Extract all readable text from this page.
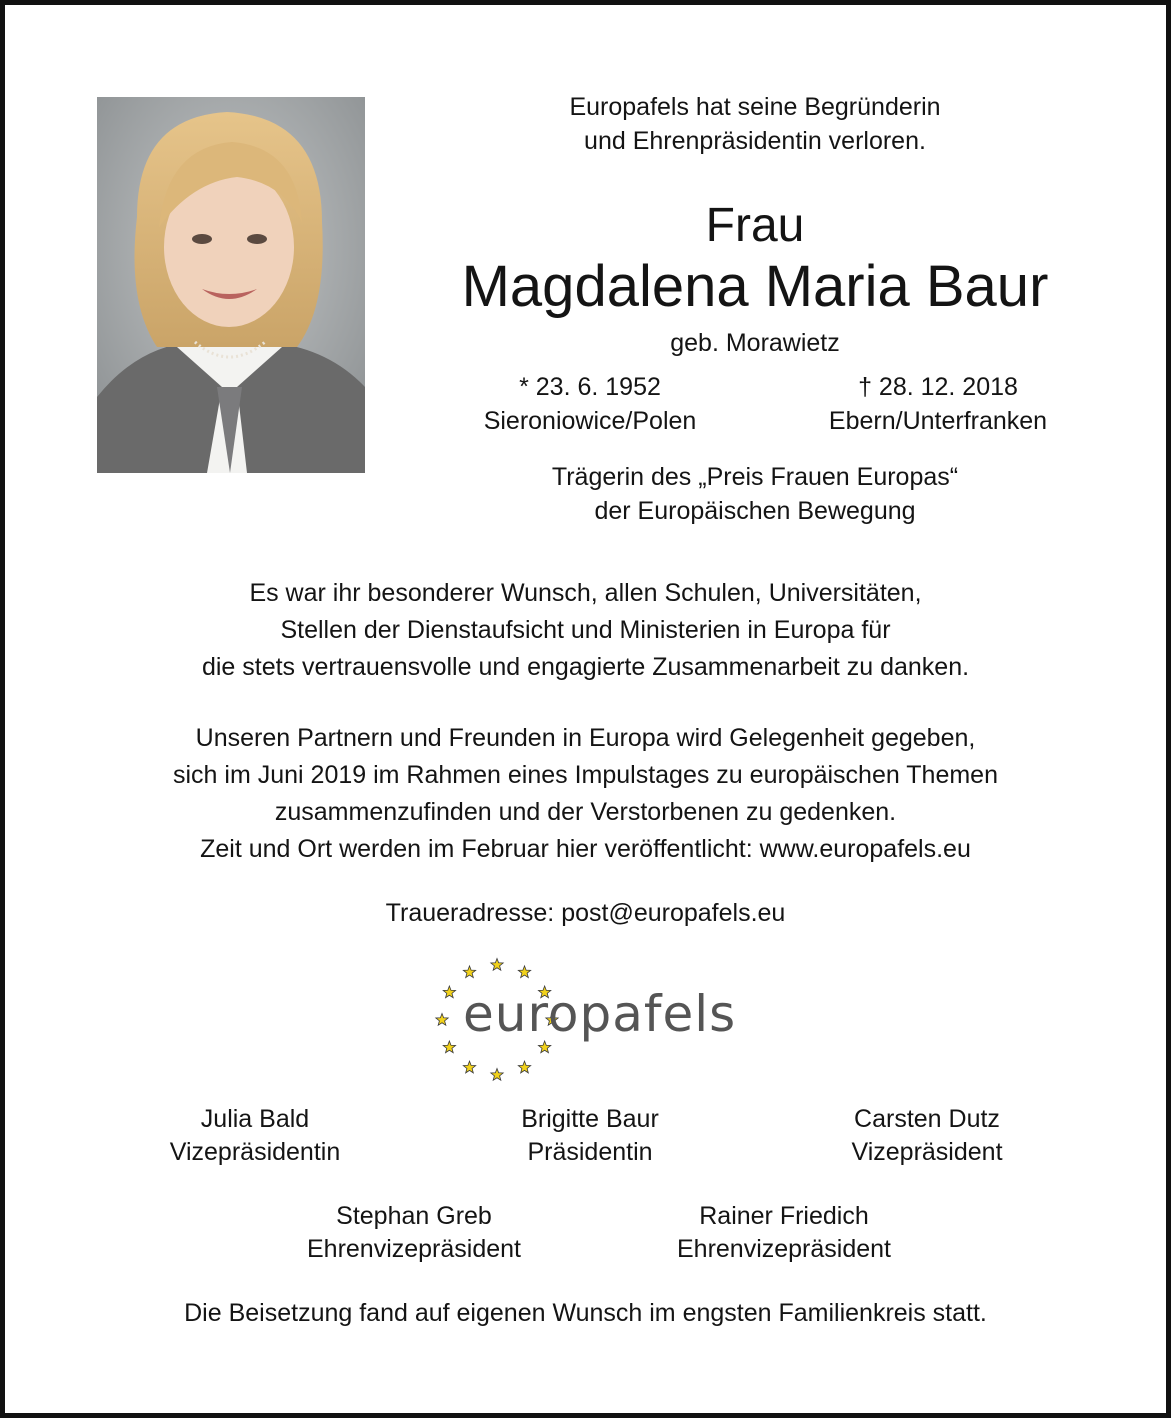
Europafels hat seine Begründerin
und Ehrenpräsidentin verloren.
Frau
Magdalena Maria Baur
geb. Morawietz
* 23. 6. 1952
Sieroniowice/Polen
† 28. 12. 2018
Ebern/Unterfranken
Trägerin des „Preis Frauen Europas“
der Europäischen Bewegung
Es war ihr besonderer Wunsch, allen Schulen, Universitäten,
Stellen der Dienstaufsicht und Ministerien in Europa für
die stets vertrauensvolle und engagierte Zusammenarbeit zu danken.
Unseren Partnern und Freunden in Europa wird Gelegenheit gegeben,
sich im Juni 2019 im Rahmen eines Impulstages zu europäischen Themen
zusammenzufinden und der Verstorbenen zu gedenken.
Zeit und Ort werden im Februar hier veröffentlicht: www.europafels.eu
Traueradresse: post@europafels.eu
europafels
Julia Bald
Vizepräsidentin
Brigitte Baur
Präsidentin
Carsten Dutz
Vizepräsident
Stephan Greb
Ehrenvizepräsident
Rainer Friedich
Ehrenvizepräsident
Die Beisetzung fand auf eigenen Wunsch im engsten Familienkreis statt.
